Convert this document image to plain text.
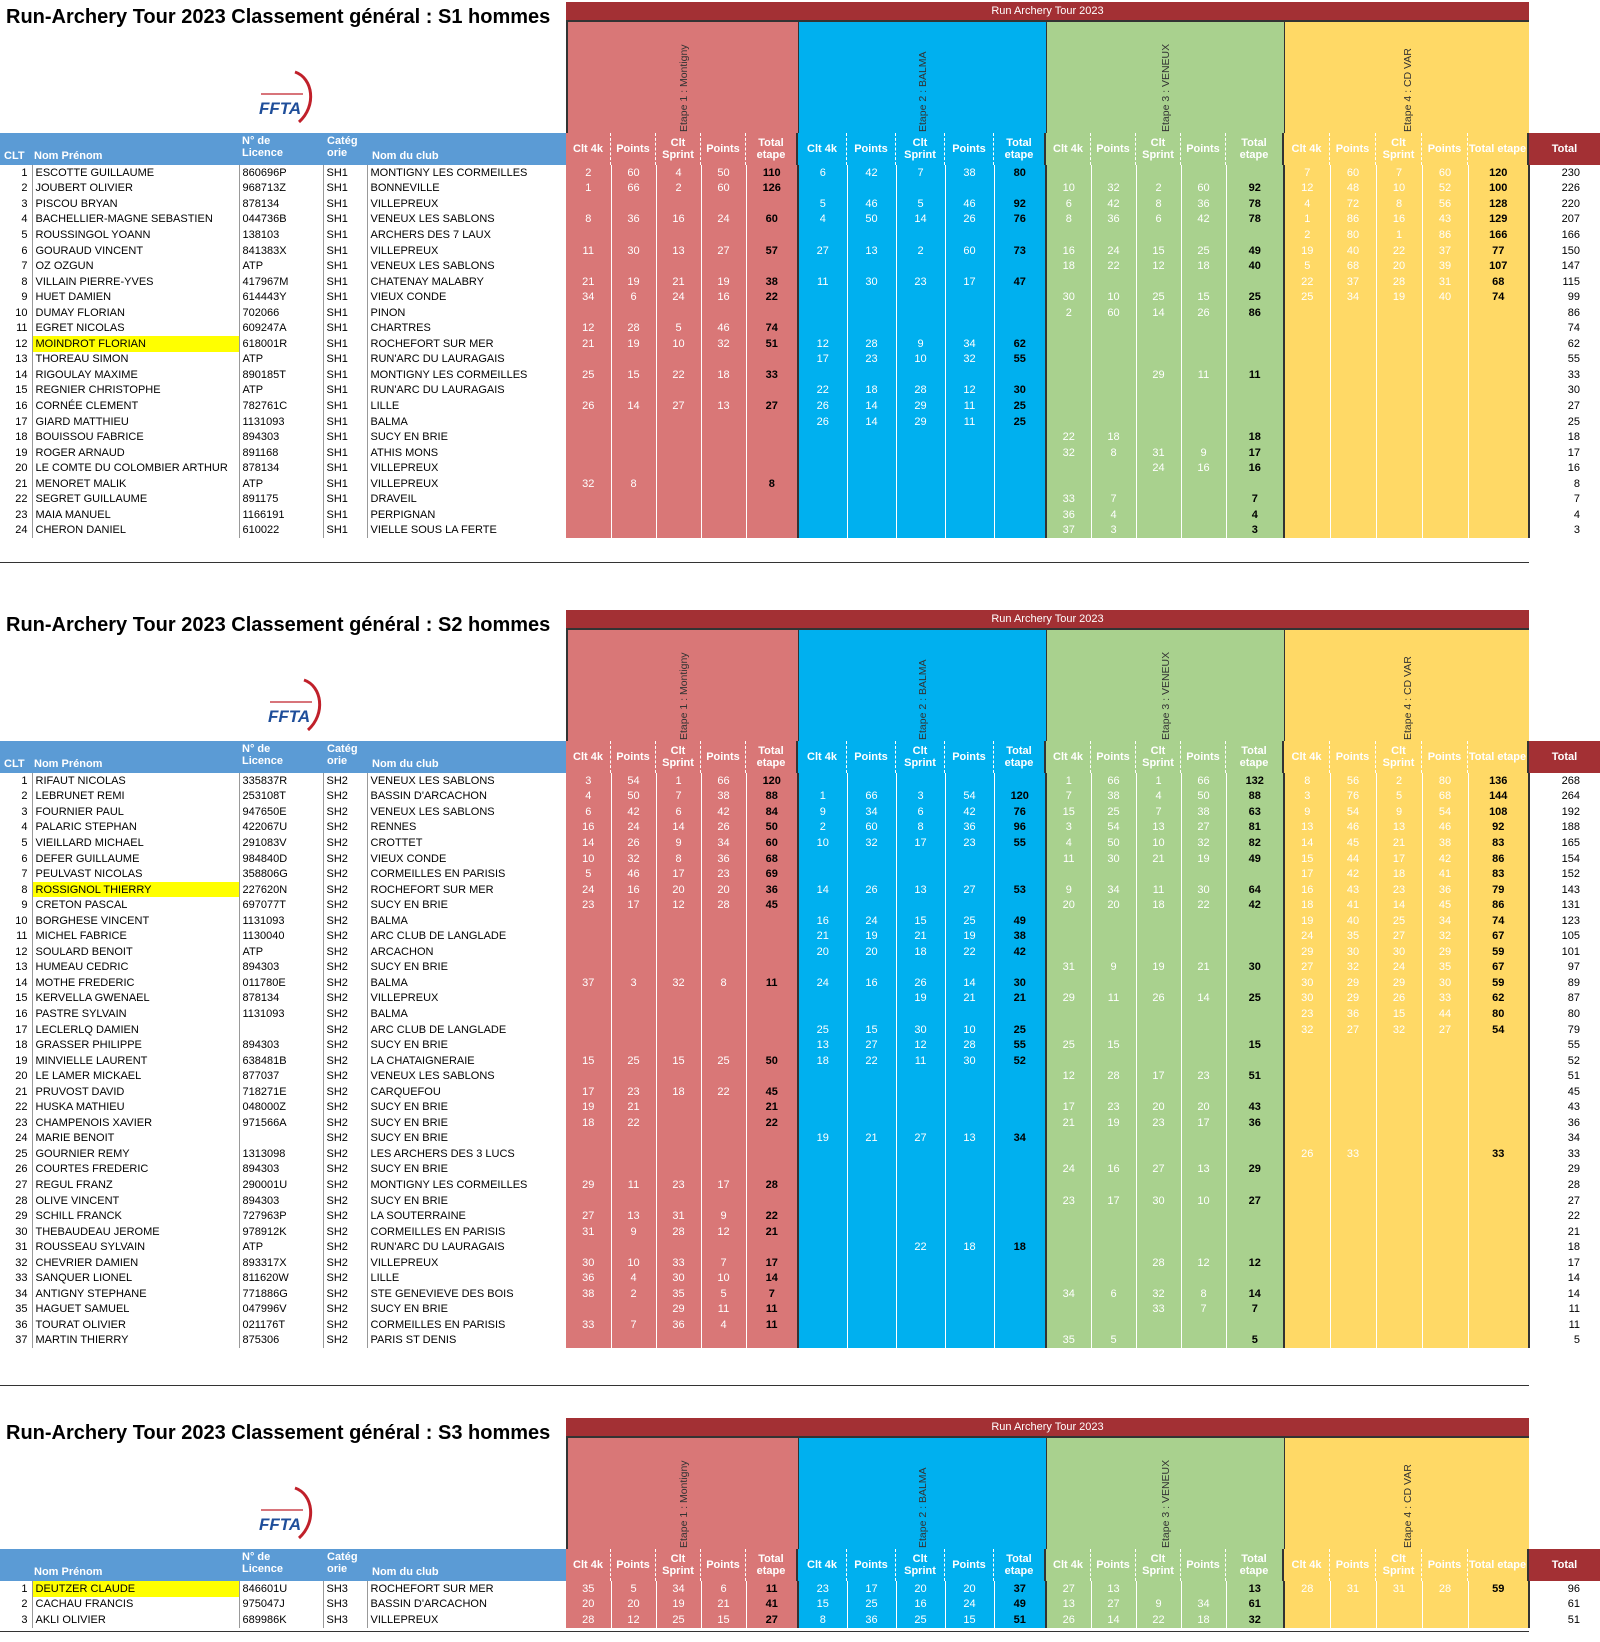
Run-Archery Tour 2023 Classement général : S1 hommes
FFTA
Run Archery Tour 2023
Etape 1 : Montigny	Etape 2 : BALMA	Etape 3 : VENEUX	Etape 4 : CD VAR
CLT Nom Prénom
N° de Licence
Catég orie	Nom du club
Clt 4k	Points	Clt Sprint	Points	Total etape	Clt 4k	Points	Clt Sprint	Points	Total etape	Clt 4k	Points	Clt Sprint	Points	Total etape	Clt 4k	Points	Clt Sprint	Points Total etape	Total
1	ESCOTTE GUILLAUME	860696P	SH1	MONTIGNY LES CORMEILLES	2	60	4	50	110	6	42	7	38	80						7	60	7	60	120	230
2	JOUBERT OLIVIER	968713Z	SH1	BONNEVILLE	1	66	2	60	126						10	32	2	60	92	12	48	10	52	100	226
3	PISCOU BRYAN	878134	SH1	VILLEPREUX						5	46	5	46	92	6	42	8	36	78	4	72	8	56	128	220
4	BACHELLIER-MAGNE SEBASTIEN	044736B	SH1	VENEUX LES SABLONS	8	36	16	24	60	4	50	14	26	76	8	36	6	42	78	1	86	16	43	129	207
5	ROUSSINGOL YOANN	138103	SH1	ARCHERS DES 7 LAUX																2	80	1	86	166	166
6	GOURAUD VINCENT	841383X	SH1	VILLEPREUX	11	30	13	27	57	27	13	2	60	73	16	24	15	25	49	19	40	22	37	77	150
7	OZ OZGUN	ATP	SH1	VENEUX LES SABLONS											18	22	12	18	40	5	68	20	39	107	147
8	VILLAIN PIERRE-YVES	417967M	SH1	CHATENAY MALABRY	21	19	21	19	38	11	30	23	17	47						22	37	28	31	68	115
9	HUET DAMIEN	614443Y	SH1	VIEUX CONDE	34	6	24	16	22						30	10	25	15	25	25	34	19	40	74	99
10	DUMAY FLORIAN	702066	SH1	PINON											2	60	14	26	86						86
11	EGRET NICOLAS	609247A	SH1	CHARTRES	12	28	5	46	74																74
12	MOINDROT FLORIAN	618001R	SH1	ROCHEFORT SUR MER	21	19	10	32	51	12	28	9	34	62											62
13	THOREAU SIMON	ATP	SH1	RUN'ARC DU LAURAGAIS						17	23	10	32	55											55
14	RIGOULAY MAXIME	890185T	SH1	MONTIGNY LES CORMEILLES	25	15	22	18	33								29	11	11						33
15	REGNIER CHRISTOPHE	ATP	SH1	RUN'ARC DU LAURAGAIS						22	18	28	12	30											30
16	CORNÉE CLEMENT	782761C	SH1	LILLE	26	14	27	13	27	26	14	29	11	25											27
17	GIARD MATTHIEU	1131093	SH1	BALMA						26	14	29	11	25											25
18	BOUISSOU FABRICE	894303	SH1	SUCY EN BRIE											22	18			18						18
19	ROGER ARNAUD	891168	SH1	ATHIS MONS											32	8	31	9	17						17
20	LE COMTE DU COLOMBIER ARTHUR	878134	SH1	VILLEPREUX													24	16	16						16
21	MENORET MALIK	ATP	SH1	VILLEPREUX	32	8			8																8
22	SEGRET GUILLAUME	891175	SH1	DRAVEIL											33	7			7						7
23	MAIA MANUEL	1166191	SH1	PERPIGNAN											36	4			4						4
24	CHERON DANIEL	610022	SH1	VIELLE SOUS LA FERTE											37	3			3						3
Run-Archery Tour 2023 Classement général : S2 hommes
FFTA
Run Archery Tour 2023
Etape 1 : Montigny	Etape 2 : BALMA	Etape 3 : VENEUX	Etape 4 : CD VAR
CLT Nom Prénom
N° de Licence
Catég orie	Nom du club
Clt 4k	Points	Clt Sprint	Points	Total etape	Clt 4k	Points	Clt Sprint	Points	Total etape	Clt 4k	Points	Clt Sprint	Points	Total etape	Clt 4k	Points	Clt Sprint	Points Total etape	Total
1	RIFAUT NICOLAS	335837R	SH2	VENEUX LES SABLONS	3	54	1	66	120						1	66	1	66	132	8	56	2	80	136	268
2	LEBRUNET REMI	253108T	SH2	BASSIN D'ARCACHON	4	50	7	38	88	1	66	3	54	120	7	38	4	50	88	3	76	5	68	144	264
3	FOURNIER PAUL	947650E	SH2	VENEUX LES SABLONS	6	42	6	42	84	9	34	6	42	76	15	25	7	38	63	9	54	9	54	108	192
4	PALARIC STEPHAN	422067U	SH2	RENNES	16	24	14	26	50	2	60	8	36	96	3	54	13	27	81	13	46	13	46	92	188
5	VIEILLARD MICHAEL	291083V	SH2	CROTTET	14	26	9	34	60	10	32	17	23	55	4	50	10	32	82	14	45	21	38	83	165
6	DEFER GUILLAUME	984840D	SH2	VIEUX CONDE	10	32	8	36	68						11	30	21	19	49	15	44	17	42	86	154
7	PEULVAST NICOLAS	358806G	SH2	CORMEILLES EN PARISIS	5	46	17	23	69											17	42	18	41	83	152
8	ROSSIGNOL THIERRY	227620N	SH2	ROCHEFORT SUR MER	24	16	20	20	36	14	26	13	27	53	9	34	11	30	64	16	43	23	36	79	143
9	CRETON PASCAL	697077T	SH2	SUCY EN BRIE	23	17	12	28	45						20	20	18	22	42	18	41	14	45	86	131
10	BORGHESE VINCENT	1131093	SH2	BALMA						16	24	15	25	49						19	40	25	34	74	123
11	MICHEL FABRICE	1130040	SH2	ARC CLUB DE LANGLADE						21	19	21	19	38						24	35	27	32	67	105
12	SOULARD BENOIT	ATP	SH2	ARCACHON						20	20	18	22	42						29	30	30	29	59	101
13	HUMEAU CEDRIC	894303	SH2	SUCY EN BRIE											31	9	19	21	30	27	32	24	35	67	97
14	MOTHE FREDERIC	011780E	SH2	BALMA	37	3	32	8	11	24	16	26	14	30						30	29	29	30	59	89
15	KERVELLA GWENAEL	878134	SH2	VILLEPREUX								19	21	21	29	11	26	14	25	30	29	26	33	62	87
16	PASTRE SYLVAIN	1131093	SH2	BALMA																23	36	15	44	80	80
17	LECLERLQ DAMIEN		SH2	ARC CLUB DE LANGLADE						25	15	30	10	25						32	27	32	27	54	79
18	GRASSER PHILIPPE	894303	SH2	SUCY EN BRIE						13	27	12	28	55	25	15			15						55
19	MINVIELLE LAURENT	638481B	SH2	LA CHATAIGNERAIE	15	25	15	25	50	18	22	11	30	52											52
20	LE LAMER MICKAEL	877037	SH2	VENEUX LES SABLONS											12	28	17	23	51						51
21	PRUVOST DAVID	718271E	SH2	CARQUEFOU	17	23	18	22	45																45
22	HUSKA MATHIEU	048000Z	SH2	SUCY EN BRIE	19	21			21						17	23	20	20	43						43
23	CHAMPENOIS XAVIER	971566A	SH2	SUCY EN BRIE	18	22			22						21	19	23	17	36						36
24	MARIE BENOIT		SH2	SUCY EN BRIE						19	21	27	13	34											34
25	GOURNIER REMY	1313098	SH2	LES ARCHERS DES 3 LUCS																26	33			33	33
26	COURTES FREDERIC	894303	SH2	SUCY EN BRIE											24	16	27	13	29						29
27	REGUL FRANZ	290001U	SH2	MONTIGNY LES CORMEILLES	29	11	23	17	28																28
28	OLIVE VINCENT	894303	SH2	SUCY EN BRIE											23	17	30	10	27						27
29	SCHILL FRANCK	727963P	SH2	LA SOUTERRAINE	27	13	31	9	22																22
30	THEBAUDEAU JEROME	978912K	SH2	CORMEILLES EN PARISIS	31	9	28	12	21																21
31	ROUSSEAU SYLVAIN	ATP	SH2	RUN'ARC DU LAURAGAIS								22	18	18											18
32	CHEVRIER DAMIEN	893317X	SH2	VILLEPREUX	30	10	33	7	17								28	12	12						17
33	SANQUER LIONEL	811620W	SH2	LILLE	36	4	30	10	14																14
34	ANTIGNY STEPHANE	771886G	SH2	STE GENEVIEVE DES BOIS	38	2	35	5	7						34	6	32	8	14						14
35	HAGUET SAMUEL	047996V	SH2	SUCY EN BRIE			29	11	11								33	7	7						11
36	TOURAT OLIVIER	021176T	SH2	CORMEILLES EN PARISIS	33	7	36	4	11																11
37	MARTIN THIERRY	875306	SH2	PARIS ST DENIS											35	5			5						5
Run-Archery Tour 2023 Classement général : S3 hommes
FFTA
Run Archery Tour 2023
Etape 1 : Montigny	Etape 2 : BALMA	Etape 3 : VENEUX	Etape 4 : CD VAR
Nom Prénom
N° de Licence
Catég orie	Nom du club
Clt 4k	Points	Clt Sprint	Points	Total etape	Clt 4k	Points	Clt Sprint	Points	Total etape	Clt 4k	Points	Clt Sprint	Points	Total etape	Clt 4k	Points	Clt Sprint	Points Total etape	Total
1	DEUTZER CLAUDE	846601U	SH3	ROCHEFORT SUR MER	35	5	34	6	11	23	17	20	20	37	27	13			13	28	31	31	28	59	96
2	CACHAU FRANCIS	975047J	SH3	BASSIN D'ARCACHON	20	20	19	21	41	15	25	16	24	49	13	27	9	34	61						61
3	AKLI OLIVIER	689986K	SH3	VILLEPREUX	28	12	25	15	27	8	36	25	15	51	26	14	22	18	32						51
